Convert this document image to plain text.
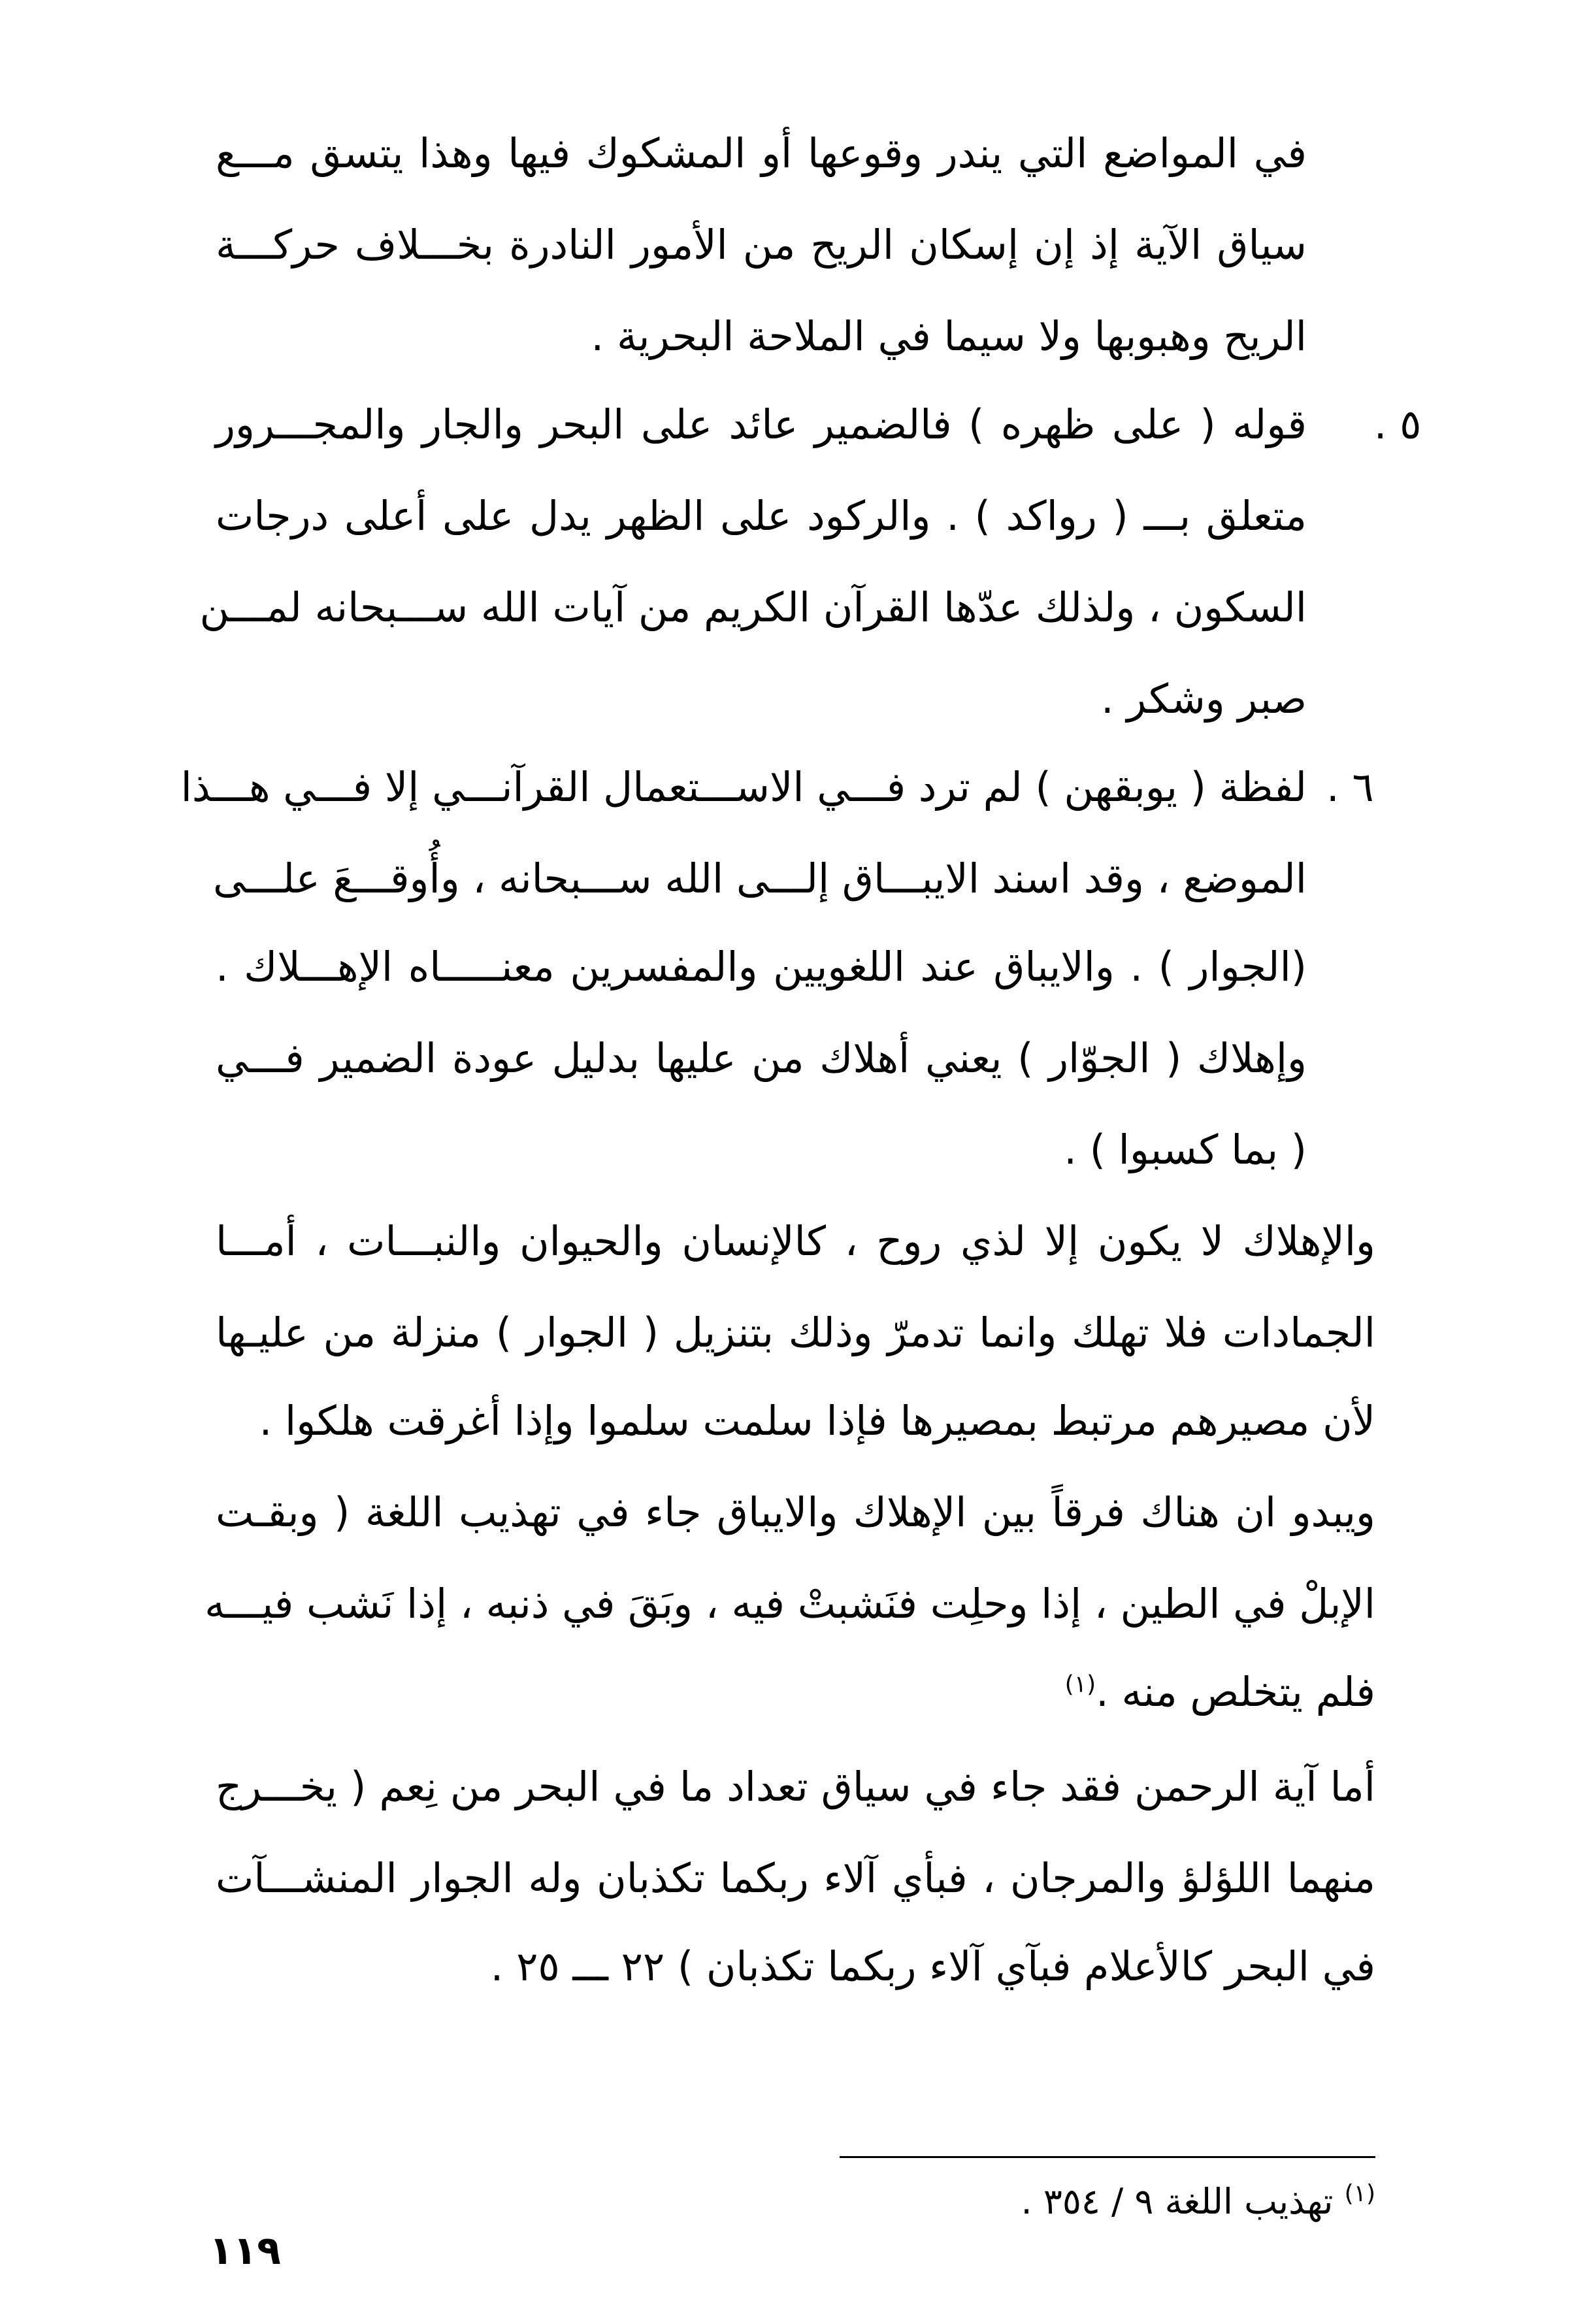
في المواضع التي يندر وقوعها أو المشكوك فيها وهذا يتسق مـــع
سياق الآية إذ إن إسكان الريح من الأمور النادرة بخـــلاف حركـــة
الريح وهبوبها ولا سيما في الملاحة البحرية .
٥ .
قوله ( على ظهره ) فالضمير عائد على البحر والجار والمجـــرور
متعلق بـــ ( رواكد ) . والركود على الظهر يدل على أعلى درجات
السكون ، ولذلك عدّها القرآن الكريم من آيات الله ســـبحانه لمـــن
صبر وشكر .
٦ .
لفظة ( يوبقهن ) لم ترد فـــي الاســـتعمال القرآنـــي إلا فـــي هـــذا
الموضع ، وقد اسند الايبـــاق إلـــى الله ســـبحانه ، وأُوقـــعَ علـــى
(الجوار ) . والايباق عند اللغويين والمفسرين معنـــــاه الإهـــلاك .
وإهلاك ( الجوّار ) يعني أهلاك من عليها بدليل عودة الضمير فـــي
( بما كسبوا ) .
والإهلاك لا يكون إلا لذي روح ، كالإنسان والحيوان والنبـــات ، أمـــا
الجمادات فلا تهلك وانما تدمرّ وذلك بتنزيل ( الجوار ) منزلة من عليـها
لأن مصيرهم مرتبط بمصيرها فإذا سلمت سلموا وإذا أغرقت هلكوا .
ويبدو ان هناك فرقاً بين الإهلاك والايباق جاء في تهذيب اللغة ( وبقـت
الإبلْ في الطين ، إذا وحلِت فنَشبتْ فيه ، وبَقَ في ذنبه ، إذا نَشب فيـــه
فلم يتخلص منه .$^{(١)}$
أما آية الرحمن فقد جاء في سياق تعداد ما في البحر من نِعم ( يخـــرج
منهما اللؤلؤ والمرجان ، فبأي آلاء ربكما تكذبان وله الجوار المنشـــآت
في البحر كالأعلام فبآي آلاء ربكما تكذبان ) ٢٢ ـــ ٢٥ .
$^{(١)}$ تهذيب اللغة ٩ / ٣٥٤ .
١١٩
